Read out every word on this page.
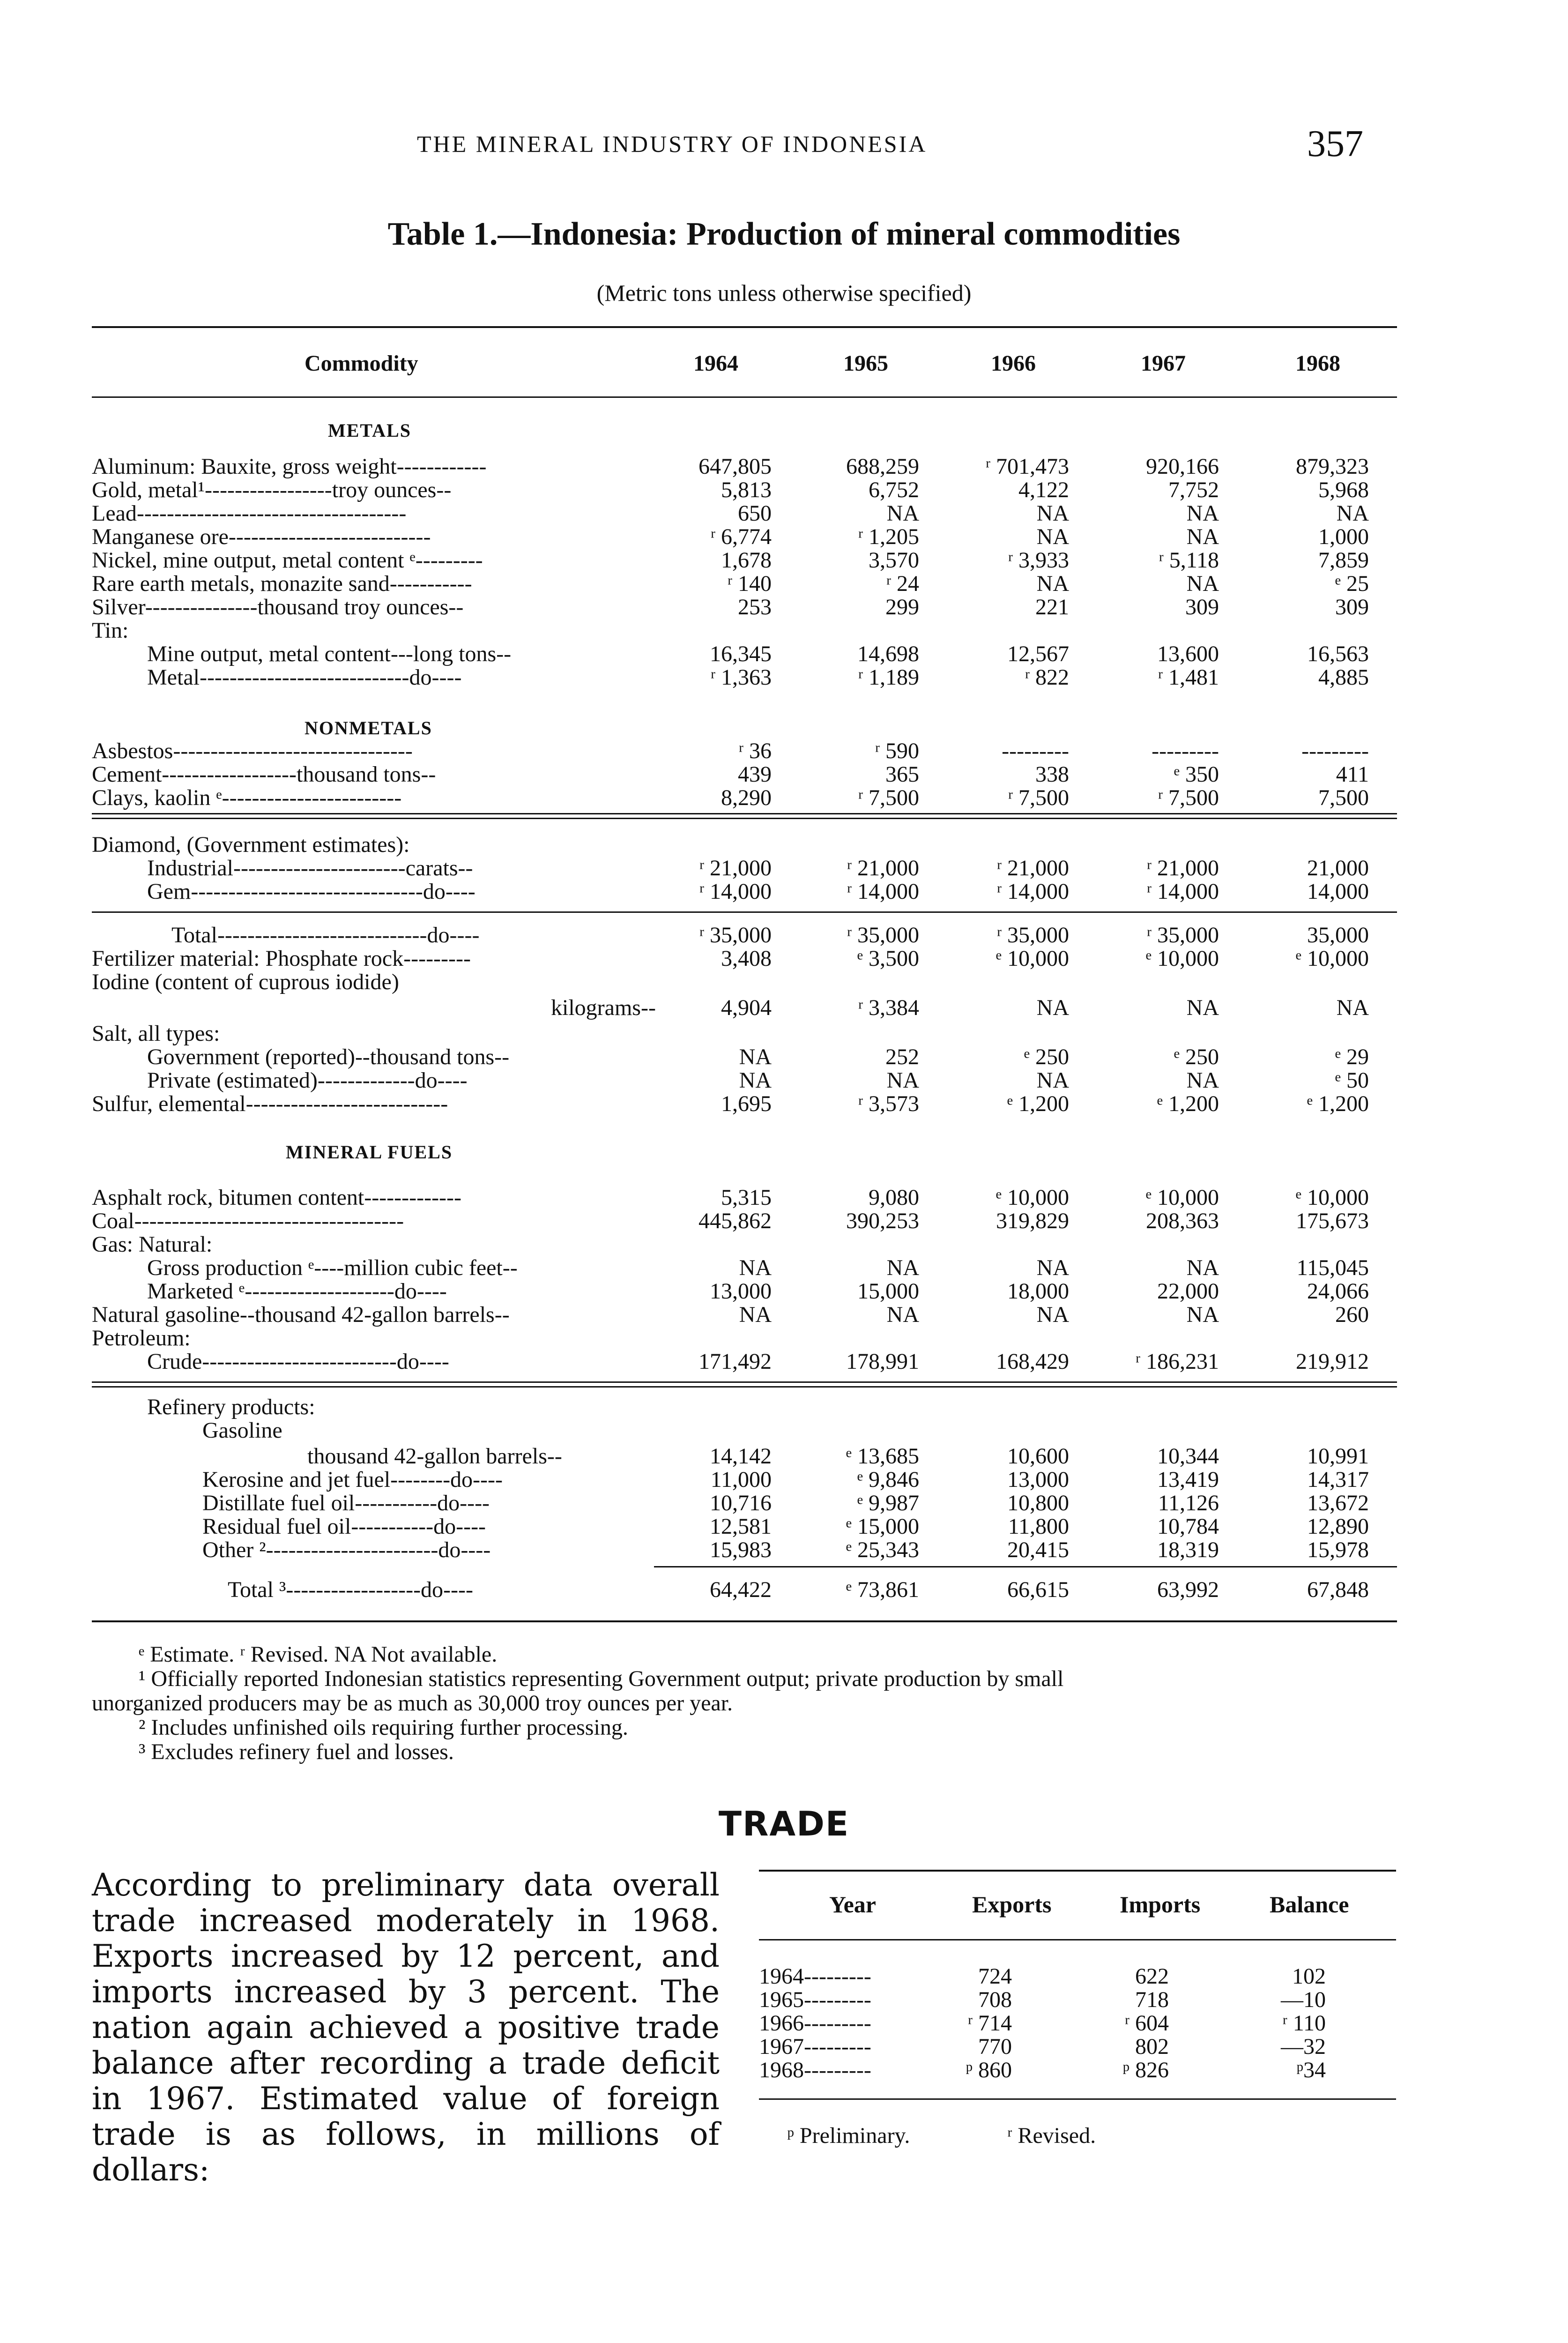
THE MINERAL INDUSTRY OF INDONESIA	357
Table 1.—Indonesia: Production of mineral commodities
(Metric tons unless otherwise specified)
Commodity	1964	1965	1966	1967	1968
METALS
NONMETALS
MINERAL FUELS
Aluminum: Bauxite, gross weight------------	647,805	688,259	ʳ 701,473	920,166	879,323
Gold, metal¹-----------------troy ounces--	5,813	6,752	4,122	7,752	5,968
Lead------------------------------------	650	NA	NA	NA	NA
Manganese ore---------------------------	ʳ 6,774	ʳ 1,205	NA	NA	1,000
Nickel, mine output, metal content ᵉ---------	1,678	3,570	ʳ 3,933	ʳ 5,118	7,859
Rare earth metals, monazite sand-----------	ʳ 140	ʳ 24	NA	NA	ᵉ 25
Silver---------------thousand troy ounces--	253	299	221	309	309
Tin:
Mine output, metal content---long tons--	16,345	14,698	12,567	13,600	16,563
Metal----------------------------do----	ʳ 1,363	ʳ 1,189	ʳ 822	ʳ 1,481	4,885
Asbestos--------------------------------	ʳ 36	ʳ 590	---------	---------	---------
Cement------------------thousand tons--	439	365	338	ᵉ 350	411
Clays, kaolin ᵉ------------------------	8,290	ʳ 7,500	ʳ 7,500	ʳ 7,500	7,500
Diamond, (Government estimates):
Industrial-----------------------carats--	ʳ 21,000	ʳ 21,000	ʳ 21,000	ʳ 21,000	21,000
Gem-------------------------------do----	ʳ 14,000	ʳ 14,000	ʳ 14,000	ʳ 14,000	14,000
Total----------------------------do----	ʳ 35,000	ʳ 35,000	ʳ 35,000	ʳ 35,000	35,000
Fertilizer material: Phosphate rock---------	3,408	ᵉ 3,500	ᵉ 10,000	ᵉ 10,000	ᵉ 10,000
Iodine (content of cuprous iodide)
kilograms--	4,904	ʳ 3,384	NA	NA	NA
Salt, all types:
Government (reported)--thousand tons--	NA	252	ᵉ 250	ᵉ 250	ᵉ 29
Private (estimated)-------------do----	NA	NA	NA	NA	ᵉ 50
Sulfur, elemental---------------------------	1,695	ʳ 3,573	ᵉ 1,200	ᵉ 1,200	ᵉ 1,200
Asphalt rock, bitumen content-------------	5,315	9,080	ᵉ 10,000	ᵉ 10,000	ᵉ 10,000
Coal------------------------------------	445,862	390,253	319,829	208,363	175,673
Gas: Natural:
Gross production ᵉ----million cubic feet--	NA	NA	NA	NA	115,045
Marketed ᵉ--------------------do----	13,000	15,000	18,000	22,000	24,066
Natural gasoline--thousand 42-gallon barrels--	NA	NA	NA	NA	260
Petroleum:
Crude--------------------------do----	171,492	178,991	168,429	ʳ 186,231	219,912
Refinery products:
Gasoline
thousand 42-gallon barrels--	14,142	ᵉ 13,685	10,600	10,344	10,991
Kerosine and jet fuel--------do----	11,000	ᵉ 9,846	13,000	13,419	14,317
Distillate fuel oil-----------do----	10,716	ᵉ 9,987	10,800	11,126	13,672
Residual fuel oil-----------do----	12,581	ᵉ 15,000	11,800	10,784	12,890
Other ²-----------------------do----	15,983	ᵉ 25,343	20,415	18,319	15,978
Total ³------------------do----	64,422	ᵉ 73,861	66,615	63,992	67,848
ᵉ Estimate. ʳ Revised. NA Not available.
¹ Officially reported Indonesian statistics representing Government output; private production by small
unorganized producers may be as much as 30,000 troy ounces per year.
² Includes unfinished oils requiring further processing.
³ Excludes refinery fuel and losses.
TRADE
According to preliminary data overall trade increased moderately in 1968. Exports increased by 12 percent, and imports increased by 3 percent. The nation again achieved a positive trade balance after recording a trade deficit in 1967. Estimated value of foreign trade is as follows, in millions of dollars:
Year	Exports	Imports	Balance
1964---------	724	622	102
1965---------	708	718	—10
1966---------	ʳ 714	ʳ 604	ʳ 110
1967---------	770	802	—32
1968---------	ᵖ 860	ᵖ 826	ᵖ34
ᵖ Preliminary.	ʳ Revised.
